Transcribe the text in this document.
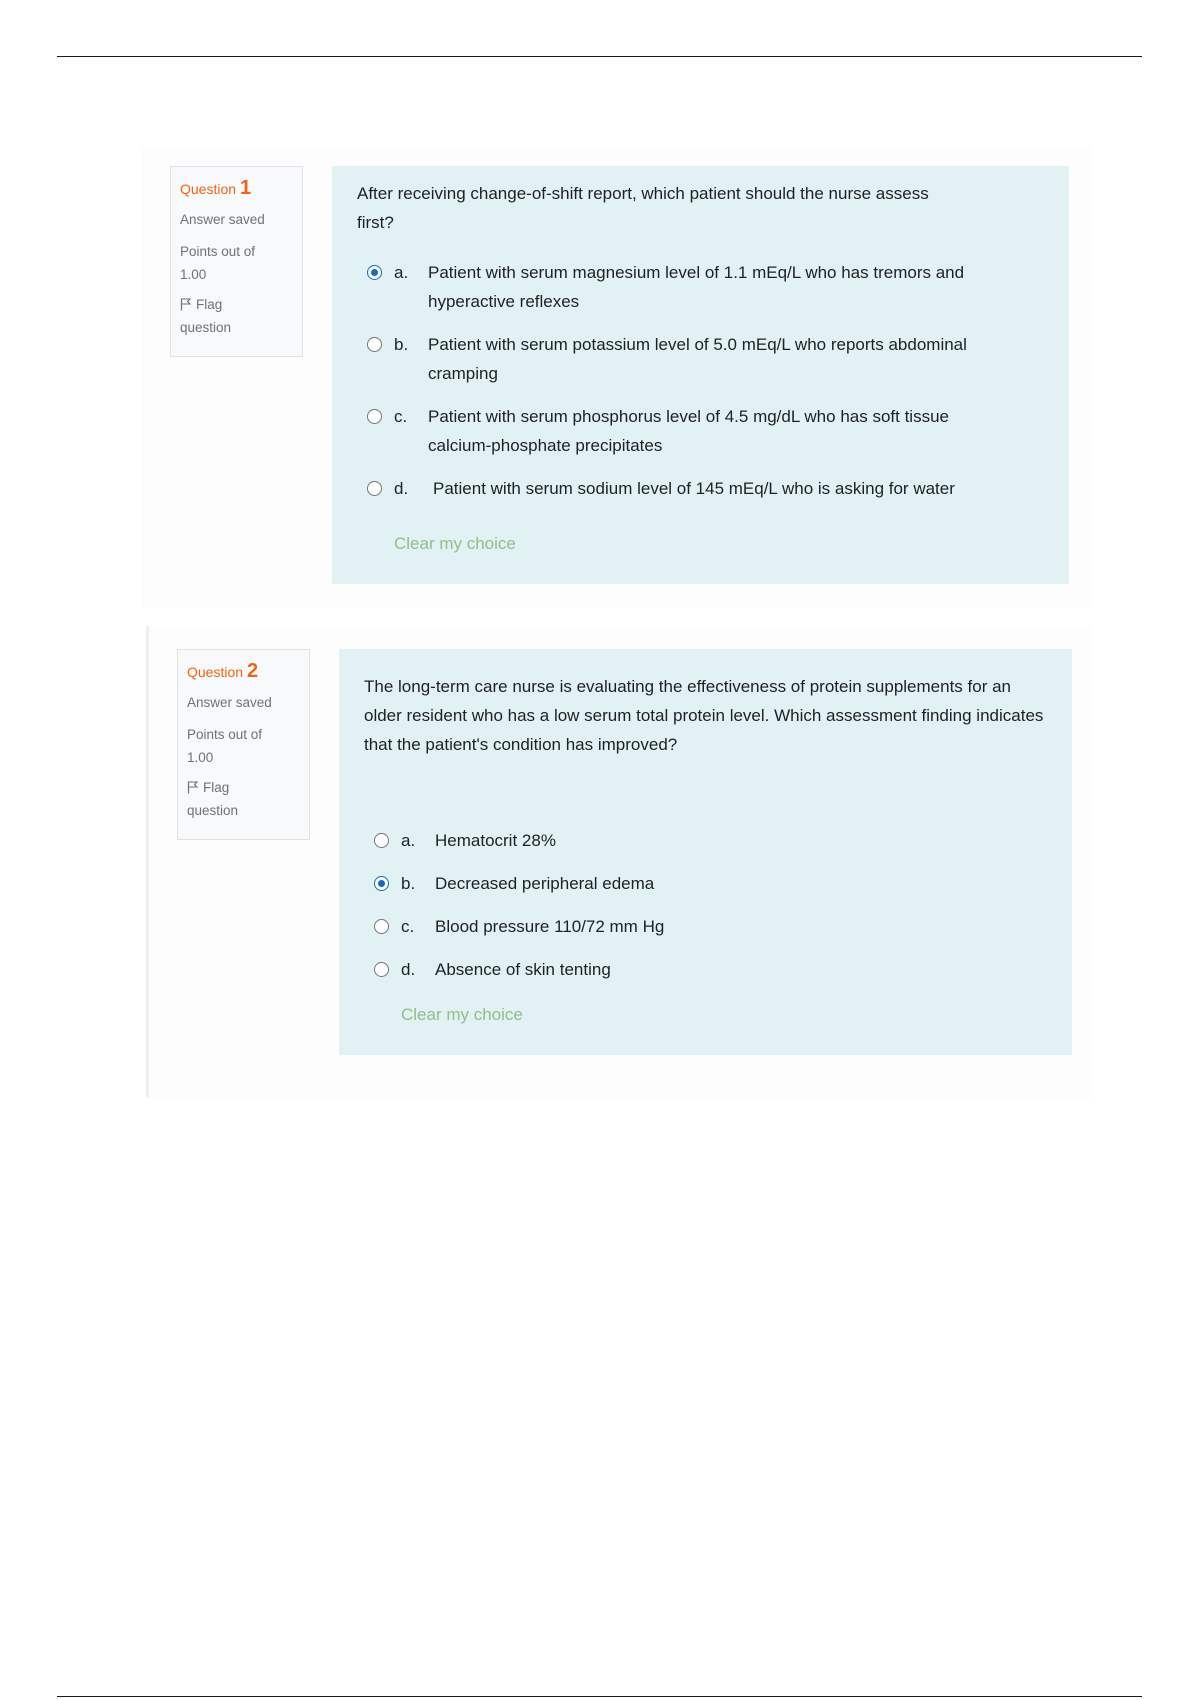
Question 1
Answer saved
Points out of 1.00
Flag question
After receiving change-of-shift report, which patient should the nurse assess first?
a. Patient with serum magnesium level of 1.1 mEq/L who has tremors and hyperactive reflexes
b. Patient with serum potassium level of 5.0 mEq/L who reports abdominal cramping
c. Patient with serum phosphorus level of 4.5 mg/dL who has soft tissue calcium-phosphate precipitates
d. Patient with serum sodium level of 145 mEq/L who is asking for water
Clear my choice
Question 2
Answer saved
Points out of 1.00
Flag question
The long-term care nurse is evaluating the effectiveness of protein supplements for an older resident who has a low serum total protein level. Which assessment finding indicates that the patient's condition has improved?
a. Hematocrit 28%
b. Decreased peripheral edema
c. Blood pressure 110/72 mm Hg
d. Absence of skin tenting
Clear my choice
